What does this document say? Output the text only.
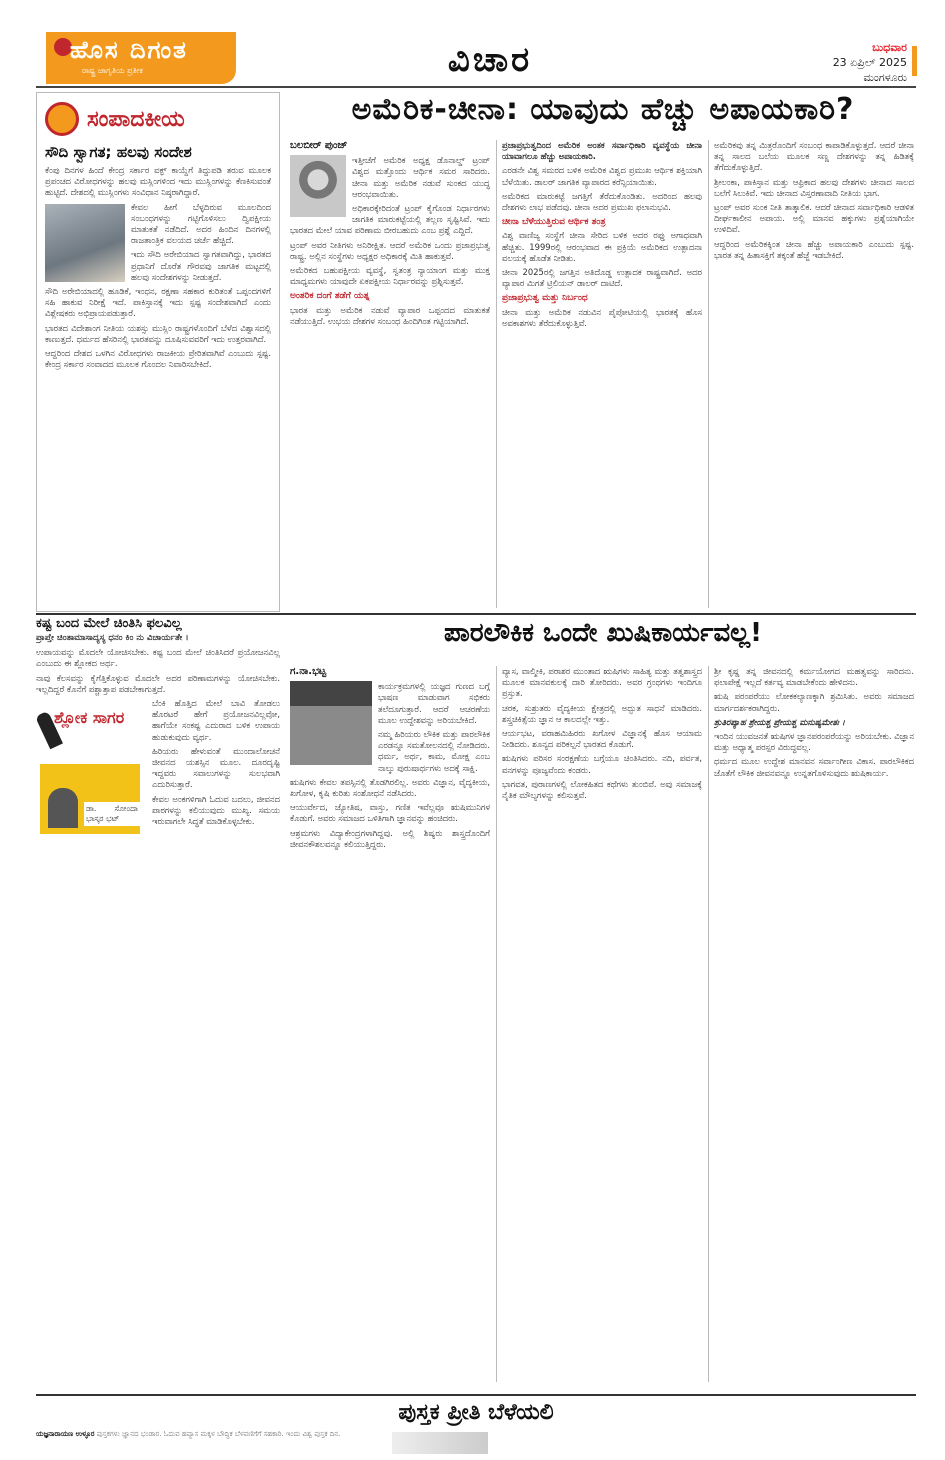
ಹೊಸ ದಿಗಂತ
ರಾಷ್ಟ್ರ ಜಾಗೃತಿಯ ಪ್ರತೀಕ
೦೬
ವಿಚಾರ	ಬುಧವಾರ
23 ಏಪ್ರಿಲ್ 2025
ಮಂಗಳೂರು
ಸಂಪಾದಕೀಯ
ಸೌದಿ ಸ್ವಾಗತ; ಹಲವು ಸಂದೇಶ

ಕೆಂಪು ದಿನಗಳ ಹಿಂದೆ ಕೇಂದ್ರ ಸರ್ಕಾರ ವಕ್ಫ್ ಕಾಯ್ದೆಗೆ ತಿದ್ದುಪಡಿ ತರುವ ಮೂಲಕ ಪ್ರಪಂಚದ ವಿರೋಧಗಳನ್ನು ಹಲವು ಮಸ್ಲಿಂಗಳಿಂದ ಇದು ಮುಸ್ಲಿಂಗಳನ್ನು ಕೆಣಕಿಸುವಂತೆ ಹುಟ್ಟಿದೆ. ದೇಶದಲ್ಲಿ ಮುಸ್ಲಿಂಗಳು ಸಂವಿಧಾನ ನಿಷ್ಠರಾಗಿದ್ದಾರೆ.

ಕೇವಲ ಹೀಗೆ ಬೆಳ್ಳದಿರುವ ಮೂಲದಿಂದ ಸಂಬಂಧಗಳನ್ನು ಗಟ್ಟಿಗೊಳಿಸಲು ದ್ವಿಪಕ್ಷೀಯ ಮಾತುಕತೆ ನಡೆದಿದೆ. ಅದರ ಹಿಂದಿನ ದಿನಗಳಲ್ಲಿ ರಾಜತಾಂತ್ರಿಕ ವಲಯದ ಚರ್ಚೆ ಹೆಚ್ಚಿದೆ.

ಇದು ಸೌದಿ ಅರೇಬಿಯಾದ ಸ್ವಾಗತವಾಗಿದ್ದು, ಭಾರತದ ಪ್ರಧಾನಿಗೆ ದೊರೆತ ಗೌರವವು ಜಾಗತಿಕ ಮಟ್ಟದಲ್ಲಿ ಹಲವು ಸಂದೇಶಗಳನ್ನು ನೀಡುತ್ತದೆ.

ಸೌದಿ ಅರೇಬಿಯಾದಲ್ಲಿ ಹೂಡಿಕೆ, ಇಂಧನ, ರಕ್ಷಣಾ ಸಹಕಾರ ಕುರಿತಂತೆ ಒಪ್ಪಂದಗಳಿಗೆ ಸಹಿ ಹಾಕುವ ನಿರೀಕ್ಷೆ ಇದೆ. ಪಾಕಿಸ್ತಾನಕ್ಕೆ ಇದು ಸ್ಪಷ್ಟ ಸಂದೇಶವಾಗಿದೆ ಎಂದು ವಿಶ್ಲೇಷಕರು ಅಭಿಪ್ರಾಯಪಡುತ್ತಾರೆ.

ಭಾರತದ ವಿದೇಶಾಂಗ ನೀತಿಯ ಯಶಸ್ಸು ಮುಸ್ಲಿಂ ರಾಷ್ಟ್ರಗಳೊಂದಿಗೆ ಬೆಳೆದ ವಿಶ್ವಾಸದಲ್ಲಿ ಕಾಣುತ್ತದೆ. ಧರ್ಮದ ಹೆಸರಿನಲ್ಲಿ ಭಾರತವನ್ನು ದೂಷಿಸುವವರಿಗೆ ಇದು ಉತ್ತರವಾಗಿದೆ.

ಆದ್ದರಿಂದ ದೇಶದ ಒಳಗಿನ ವಿರೋಧಗಳು ರಾಜಕೀಯ ಪ್ರೇರಿತವಾಗಿವೆ ಎಂಬುದು ಸ್ಪಷ್ಟ. ಕೇಂದ್ರ ಸರ್ಕಾರ ಸಂವಾದದ ಮೂಲಕ ಗೊಂದಲ ನಿವಾರಿಸಬೇಕಿದೆ.

ಅಮೆರಿಕ-ಚೀನಾ: ಯಾವುದು ಹೆಚ್ಚು ಅಪಾಯಕಾರಿ?
ಬಲಬೀರ್ ಪುಂಜ್

ಇತ್ತೀಚೆಗೆ ಅಮೆರಿಕ ಅಧ್ಯಕ್ಷ ಡೊನಾಲ್ಡ್ ಟ್ರಂಪ್ ವಿಶ್ವದ ಮತ್ತೊಂದು ಆರ್ಥಿಕ ಸಮರ ಸಾರಿದರು. ಚೀನಾ ಮತ್ತು ಅಮೆರಿಕ ನಡುವೆ ಸುಂಕದ ಯುದ್ಧ ಆರಂಭವಾಯಿತು.

ಅಧಿಕಾರಕ್ಕೇರಿದಂತೆ ಟ್ರಂಪ್ ಕೈಗೊಂಡ ನಿರ್ಧಾರಗಳು ಜಾಗತಿಕ ಮಾರುಕಟ್ಟೆಯಲ್ಲಿ ತಲ್ಲಣ ಸೃಷ್ಟಿಸಿವೆ. ಇದು ಭಾರತದ ಮೇಲೆ ಯಾವ ಪರಿಣಾಮ ಬೀರಬಹುದು ಎಂಬ ಪ್ರಶ್ನೆ ಎದ್ದಿದೆ.

ಟ್ರಂಪ್ ಅವರ ನೀತಿಗಳು ಅನಿರೀಕ್ಷಿತ. ಆದರೆ ಅಮೆರಿಕ ಒಂದು ಪ್ರಜಾಪ್ರಭುತ್ವ ರಾಷ್ಟ್ರ. ಅಲ್ಲಿನ ಸಂಸ್ಥೆಗಳು ಅಧ್ಯಕ್ಷರ ಅಧಿಕಾರಕ್ಕೆ ಮಿತಿ ಹಾಕುತ್ತವೆ.

ಅಮೆರಿಕದ ಬಹುಪಕ್ಷೀಯ ವ್ಯವಸ್ಥೆ, ಸ್ವತಂತ್ರ ನ್ಯಾಯಾಂಗ ಮತ್ತು ಮುಕ್ತ ಮಾಧ್ಯಮಗಳು ಯಾವುದೇ ಏಕಪಕ್ಷೀಯ ನಿರ್ಧಾರವನ್ನು ಪ್ರಶ್ನಿಸುತ್ತವೆ.

ಅಂತರಿಕ ದಂಗೆ ತಡೆಗೆ ಯತ್ನ

ಭಾರತ ಮತ್ತು ಅಮೆರಿಕ ನಡುವೆ ವ್ಯಾಪಾರ ಒಪ್ಪಂದದ ಮಾತುಕತೆ ನಡೆಯುತ್ತಿದೆ. ಉಭಯ ದೇಶಗಳ ಸಂಬಂಧ ಹಿಂದಿಗಿಂತ ಗಟ್ಟಿಯಾಗಿದೆ.

ಪ್ರಜಾಪ್ರಭುತ್ವದಿಂದ ಅಮೆರಿಕ ಅಂತಕ ಸರ್ವಾಧಿಕಾರಿ ವ್ಯವಸ್ಥೆಯ ಚೀನಾ ಯಾವಾಗಲೂ ಹೆಚ್ಚು ಅಪಾಯಕಾರಿ.

ಎರಡನೇ ವಿಶ್ವ ಸಮರದ ಬಳಿಕ ಅಮೆರಿಕ ವಿಶ್ವದ ಪ್ರಮುಖ ಆರ್ಥಿಕ ಶಕ್ತಿಯಾಗಿ ಬೆಳೆಯಿತು. ಡಾಲರ್ ಜಾಗತಿಕ ವ್ಯಾಪಾರದ ಕರೆನ್ಸಿಯಾಯಿತು.

ಅಮೆರಿಕದ ಮಾರುಕಟ್ಟೆ ಜಗತ್ತಿಗೆ ತೆರೆದುಕೊಂಡಿತು. ಅದರಿಂದ ಹಲವು ದೇಶಗಳು ಲಾಭ ಪಡೆದವು. ಚೀನಾ ಅದರ ಪ್ರಮುಖ ಫಲಾನುಭವಿ.

ಚೀನಾ ಬೆಳೆಯುತ್ತಿರುವ ಆರ್ಥಿಕ ತಂತ್ರ

ವಿಶ್ವ ವಾಣಿಜ್ಯ ಸಂಸ್ಥೆಗೆ ಚೀನಾ ಸೇರಿದ ಬಳಿಕ ಅದರ ರಫ್ತು ಅಗಾಧವಾಗಿ ಹೆಚ್ಚಿತು. 1999ರಲ್ಲಿ ಆರಂಭವಾದ ಈ ಪ್ರಕ್ರಿಯೆ ಅಮೆರಿಕದ ಉತ್ಪಾದನಾ ವಲಯಕ್ಕೆ ಹೊಡೆತ ನೀಡಿತು.

ಚೀನಾ 2025ರಲ್ಲಿ ಜಗತ್ತಿನ ಅತಿದೊಡ್ಡ ಉತ್ಪಾದಕ ರಾಷ್ಟ್ರವಾಗಿದೆ. ಅದರ ವ್ಯಾಪಾರ ಮಿಗತೆ ಟ್ರಿಲಿಯನ್ ಡಾಲರ್ ದಾಟಿದೆ.

ಪ್ರಜಾಪ್ರಭುತ್ವ ಮತ್ತು ನಿರ್ಬಂಧ

ಚೀನಾ ಮತ್ತು ಅಮೆರಿಕ ನಡುವಿನ ಪೈಪೋಟಿಯಲ್ಲಿ ಭಾರತಕ್ಕೆ ಹೊಸ ಅವಕಾಶಗಳು ತೆರೆದುಕೊಳ್ಳುತ್ತಿವೆ.

ಅಮೆರಿಕವು ತನ್ನ ಮಿತ್ರರೊಂದಿಗೆ ಸಂಬಂಧ ಕಾಪಾಡಿಕೊಳ್ಳುತ್ತದೆ. ಆದರೆ ಚೀನಾ ತನ್ನ ಸಾಲದ ಬಲೆಯ ಮೂಲಕ ಸಣ್ಣ ದೇಶಗಳನ್ನು ತನ್ನ ಹಿಡಿತಕ್ಕೆ ತೆಗೆದುಕೊಳ್ಳುತ್ತಿದೆ.

ಶ್ರೀಲಂಕಾ, ಪಾಕಿಸ್ತಾನ ಮತ್ತು ಆಫ್ರಿಕಾದ ಹಲವು ದೇಶಗಳು ಚೀನಾದ ಸಾಲದ ಬಲೆಗೆ ಸಿಲುಕಿವೆ. ಇದು ಚೀನಾದ ವಿಸ್ತರಣಾವಾದಿ ನೀತಿಯ ಭಾಗ.

ಟ್ರಂಪ್ ಅವರ ಸುಂಕ ನೀತಿ ತಾತ್ಕಾಲಿಕ. ಆದರೆ ಚೀನಾದ ಸರ್ವಾಧಿಕಾರಿ ಆಡಳಿತ ದೀರ್ಘಕಾಲೀನ ಅಪಾಯ. ಅಲ್ಲಿ ಮಾನವ ಹಕ್ಕುಗಳು ಪ್ರಶ್ನೆಯಾಗಿಯೇ ಉಳಿದಿವೆ.

ಆದ್ದರಿಂದ ಅಮೆರಿಕಕ್ಕಿಂತ ಚೀನಾ ಹೆಚ್ಚು ಅಪಾಯಕಾರಿ ಎಂಬುದು ಸ್ಪಷ್ಟ. ಭಾರತ ತನ್ನ ಹಿತಾಸಕ್ತಿಗೆ ತಕ್ಕಂತೆ ಹೆಜ್ಜೆ ಇಡಬೇಕಿದೆ.

ಕಷ್ಟ ಬಂದ ಮೇಲೆ ಚಿಂತಿಸಿ ಫಲವಿಲ್ಲ
ಪ್ರಾಪ್ತೇ ಚಿಂತಾಮಾಸಾದ್ಯಸ್ಯ ಧನಂ ಕಿಂ ನು ವಿಚಾರ್ಯತೇ ।

ಉಪಾಯವನ್ನು ಮೊದಲೇ ಯೋಚಿಸಬೇಕು. ಕಷ್ಟ ಬಂದ ಮೇಲೆ ಚಿಂತಿಸಿದರೆ ಪ್ರಯೋಜನವಿಲ್ಲ ಎಂಬುದು ಈ ಶ್ಲೋಕದ ಅರ್ಥ.

ನಾವು ಕೆಲಸವನ್ನು ಕೈಗೆತ್ತಿಕೊಳ್ಳುವ ಮೊದಲೇ ಅದರ ಪರಿಣಾಮಗಳನ್ನು ಯೋಚಿಸಬೇಕು. ಇಲ್ಲದಿದ್ದರೆ ಕೊನೆಗೆ ಪಶ್ಚಾತ್ತಾಪ ಪಡಬೇಕಾಗುತ್ತದೆ.

ಶ್ಲೋಕ ಸಾಗರ
ಡಾ. ಸೋಂದಾ ಭಾಸ್ಕರ ಭಟ್

ಬೆಂಕಿ ಹೊತ್ತಿದ ಮೇಲೆ ಬಾವಿ ತೋಡಲು ಹೊರಟರೆ ಹೇಗೆ ಪ್ರಯೋಜನವಿಲ್ಲವೋ, ಹಾಗೆಯೇ ಸಂಕಷ್ಟ ಎದುರಾದ ಬಳಿಕ ಉಪಾಯ ಹುಡುಕುವುದು ವ್ಯರ್ಥ.

ಹಿರಿಯರು ಹೇಳುವಂತೆ ಮುಂದಾಲೋಚನೆ ಜೀವನದ ಯಶಸ್ಸಿನ ಮೂಲ. ದೂರದೃಷ್ಟಿ ಇದ್ದವರು ಸವಾಲುಗಳನ್ನು ಸುಲಭವಾಗಿ ಎದುರಿಸುತ್ತಾರೆ.

ಕೇವಲ ಅಂಕಗಳಿಗಾಗಿ ಓದುವ ಬದಲು, ಜೀವನದ ಪಾಠಗಳನ್ನು ಕಲಿಯುವುದು ಮುಖ್ಯ. ಸಮಯ ಇರುವಾಗಲೇ ಸಿದ್ಧತೆ ಮಾಡಿಕೊಳ್ಳಬೇಕು.

ಪಾರಲೌಕಿಕ ಒಂದೇ ಖುಷಿಕಾರ್ಯವಲ್ಲ!
ಗ.ನಾ.ಭಟ್ಟ

ಕಾರ್ಯಕ್ರಮಗಳಲ್ಲಿ ಯಜ್ಞದ ಗುಣದ ಬಗ್ಗೆ ಭಾಷಣ ಮಾಡುವಾಗ ಸಭಿಕರು ತಲೆದೂಗುತ್ತಾರೆ. ಆದರೆ ಆಚರಣೆಯ ಮೂಲ ಉದ್ದೇಶವನ್ನು ಅರಿಯಬೇಕಿದೆ.

ನಮ್ಮ ಹಿರಿಯರು ಲೌಕಿಕ ಮತ್ತು ಪಾರಲೌಕಿಕ ಎರಡನ್ನೂ ಸಮತೋಲನದಲ್ಲಿ ನೋಡಿದರು. ಧರ್ಮ, ಅರ್ಥ, ಕಾಮ, ಮೋಕ್ಷ ಎಂಬ ನಾಲ್ಕು ಪುರುಷಾರ್ಥಗಳು ಅದಕ್ಕೆ ಸಾಕ್ಷಿ.

ಋಷಿಗಳು ಕೇವಲ ತಪಸ್ಸಿನಲ್ಲಿ ತೊಡಗಿರಲಿಲ್ಲ. ಅವರು ವಿಜ್ಞಾನ, ವೈದ್ಯಕೀಯ, ಖಗೋಳ, ಕೃಷಿ ಕುರಿತು ಸಂಶೋಧನೆ ನಡೆಸಿದರು.

ಆಯುರ್ವೇದ, ಜ್ಯೋತಿಷ, ವಾಸ್ತು, ಗಣಿತ ಇವೆಲ್ಲವೂ ಋಷಿಮುನಿಗಳ ಕೊಡುಗೆ. ಅವರು ಸಮಾಜದ ಒಳಿತಿಗಾಗಿ ಜ್ಞಾನವನ್ನು ಹಂಚಿದರು.

ಆಶ್ರಮಗಳು ವಿದ್ಯಾಕೇಂದ್ರಗಳಾಗಿದ್ದವು. ಅಲ್ಲಿ ಶಿಷ್ಯರು ಶಾಸ್ತ್ರದೊಂದಿಗೆ ಜೀವನಕೌಶಲವನ್ನೂ ಕಲಿಯುತ್ತಿದ್ದರು.

ವ್ಯಾಸ, ವಾಲ್ಮೀಕಿ, ಪರಾಶರ ಮುಂತಾದ ಋಷಿಗಳು ಸಾಹಿತ್ಯ ಮತ್ತು ತತ್ವಶಾಸ್ತ್ರದ ಮೂಲಕ ಮಾನವಕುಲಕ್ಕೆ ದಾರಿ ತೋರಿದರು. ಅವರ ಗ್ರಂಥಗಳು ಇಂದಿಗೂ ಪ್ರಸ್ತುತ.

ಚರಕ, ಸುಶ್ರುತರು ವೈದ್ಯಕೀಯ ಕ್ಷೇತ್ರದಲ್ಲಿ ಅದ್ಭುತ ಸಾಧನೆ ಮಾಡಿದರು. ಶಸ್ತ್ರಚಿಕಿತ್ಸೆಯ ಜ್ಞಾನ ಆ ಕಾಲದಲ್ಲೇ ಇತ್ತು.

ಆರ್ಯಭಟ, ವರಾಹಮಿಹಿರರು ಖಗೋಳ ವಿಜ್ಞಾನಕ್ಕೆ ಹೊಸ ಆಯಾಮ ನೀಡಿದರು. ಶೂನ್ಯದ ಪರಿಕಲ್ಪನೆ ಭಾರತದ ಕೊಡುಗೆ.

ಋಷಿಗಳು ಪರಿಸರ ಸಂರಕ್ಷಣೆಯ ಬಗ್ಗೆಯೂ ಚಿಂತಿಸಿದರು. ನದಿ, ಪರ್ವತ, ವನಗಳನ್ನು ಪೂಜ್ಯವೆಂದು ಕಂಡರು.

ಭಾಗವತ, ಪುರಾಣಗಳಲ್ಲಿ ಲೋಕಹಿತದ ಕಥೆಗಳು ತುಂಬಿವೆ. ಅವು ಸಮಾಜಕ್ಕೆ ನೈತಿಕ ಮೌಲ್ಯಗಳನ್ನು ಕಲಿಸುತ್ತವೆ.

ಶ್ರೀ ಕೃಷ್ಣ ತನ್ನ ಜೀವನದಲ್ಲಿ ಕರ್ಮಯೋಗದ ಮಹತ್ವವನ್ನು ಸಾರಿದನು. ಫಲಾಪೇಕ್ಷೆ ಇಲ್ಲದೆ ಕರ್ತವ್ಯ ಮಾಡಬೇಕೆಂದು ಹೇಳಿದನು.

ಋಷಿ ಪರಂಪರೆಯು ಲೋಕಕಲ್ಯಾಣಕ್ಕಾಗಿ ಶ್ರಮಿಸಿತು. ಅವರು ಸಮಾಜದ ಮಾರ್ಗದರ್ಶಕರಾಗಿದ್ದರು.

ಶ್ರುತಿರಪ್ಯಾಹ ಶ್ರೇಯಶ್ಚ ಪ್ರೇಯಶ್ಚ ಮನುಷ್ಯಮೇತಃ ।

ಇಂದಿನ ಯುವಜನತೆ ಋಷಿಗಳ ಜ್ಞಾನಪರಂಪರೆಯನ್ನು ಅರಿಯಬೇಕು. ವಿಜ್ಞಾನ ಮತ್ತು ಅಧ್ಯಾತ್ಮ ಪರಸ್ಪರ ವಿರುದ್ಧವಲ್ಲ.

ಧರ್ಮದ ಮೂಲ ಉದ್ದೇಶ ಮಾನವನ ಸರ್ವಾಂಗೀಣ ವಿಕಾಸ. ಪಾರಲೌಕಿಕದ ಜೊತೆಗೆ ಲೌಕಿಕ ಜೀವನವನ್ನೂ ಉನ್ನತಗೊಳಿಸುವುದು ಋಷಿಕಾರ್ಯ.

ಪುಸ್ತಕ ಪ್ರೀತಿ ಬೆಳೆಯಲಿ
ಯಜ್ಞನಾರಾಯಣ ಉಳ್ಳೂರ ಪುಸ್ತಕಗಳು ಜ್ಞಾನದ ಭಂಡಾರ. ಓದುವ ಹವ್ಯಾಸ ಮಕ್ಕಳ ಬೌದ್ಧಿಕ ಬೆಳವಣಿಗೆಗೆ ಸಹಕಾರಿ. ಇಂದು ವಿಶ್ವ ಪುಸ್ತಕ ದಿನ.
